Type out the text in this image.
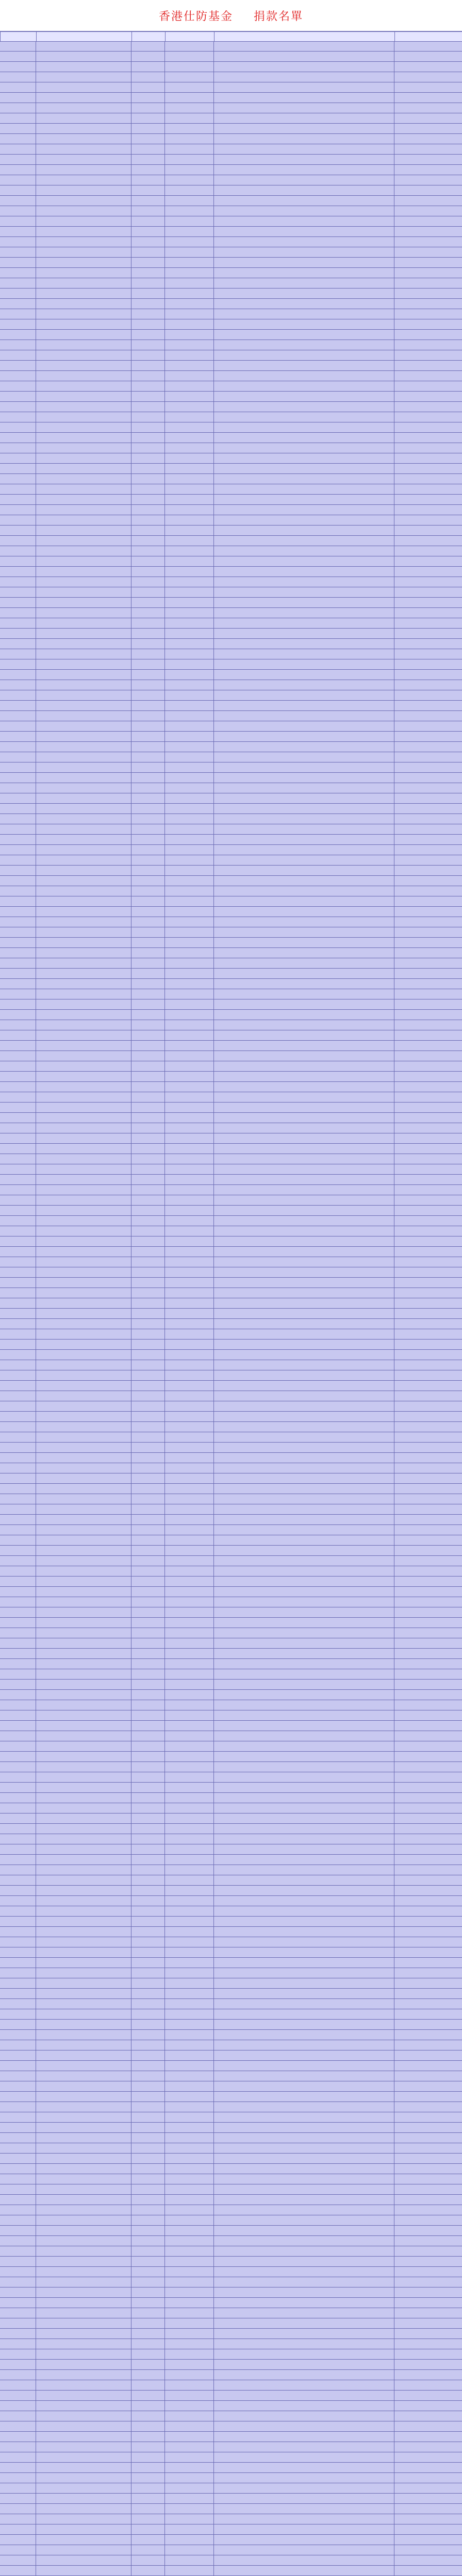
香港仕防基金 捐款名單
